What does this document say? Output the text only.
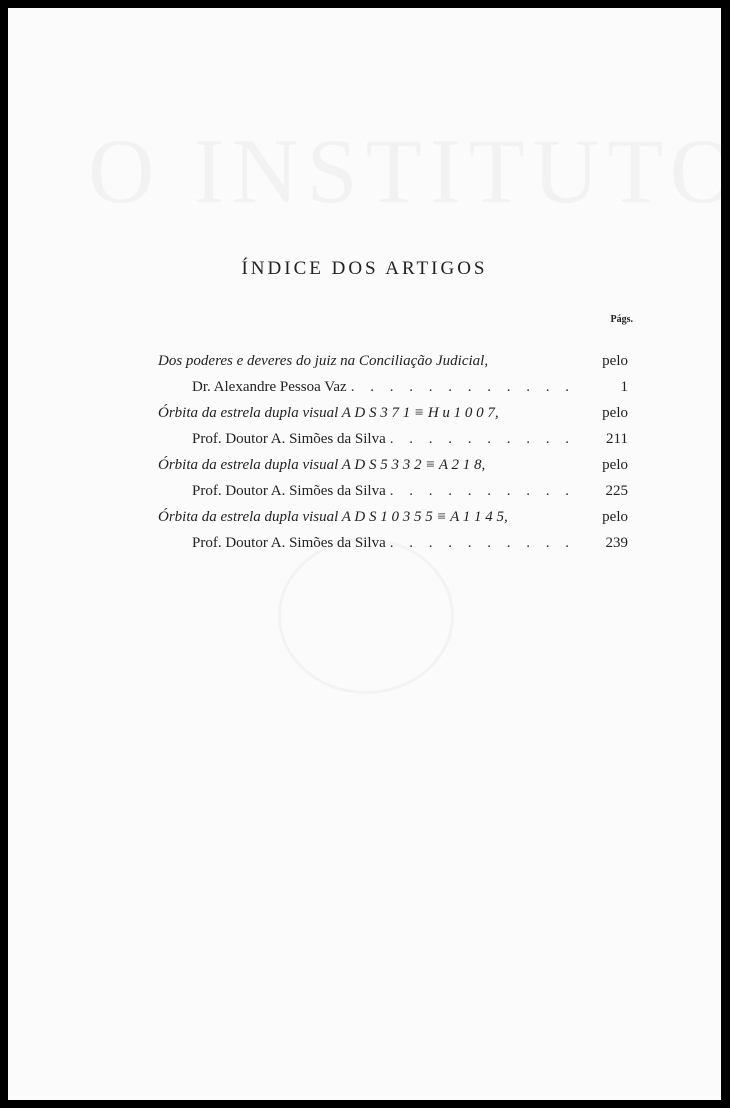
ÍNDICE DOS ARTIGOS
Págs.
Dos poderes e deveres do juiz na Conciliação Judicial,	pelo
Dr. Alexandre Pessoa Vaz . . .	1
Órbita da estrela dupla visual A D S 3 7 1 ≡ H u 1 0 0 7,	pelo
Prof. Doutor A. Simões da Silva . . .	211
Órbita da estrela dupla visual A D S 5 3 3 2 ≡ A 2 1 8,	pelo
Prof. Doutor A. Simões da Silva . . .	225
Órbita da estrela dupla visual A D S 1 0 3 5 5 ≡ A 1 1 4 5,	pelo
Prof. Doutor A. Simões da Silva . . .	239
